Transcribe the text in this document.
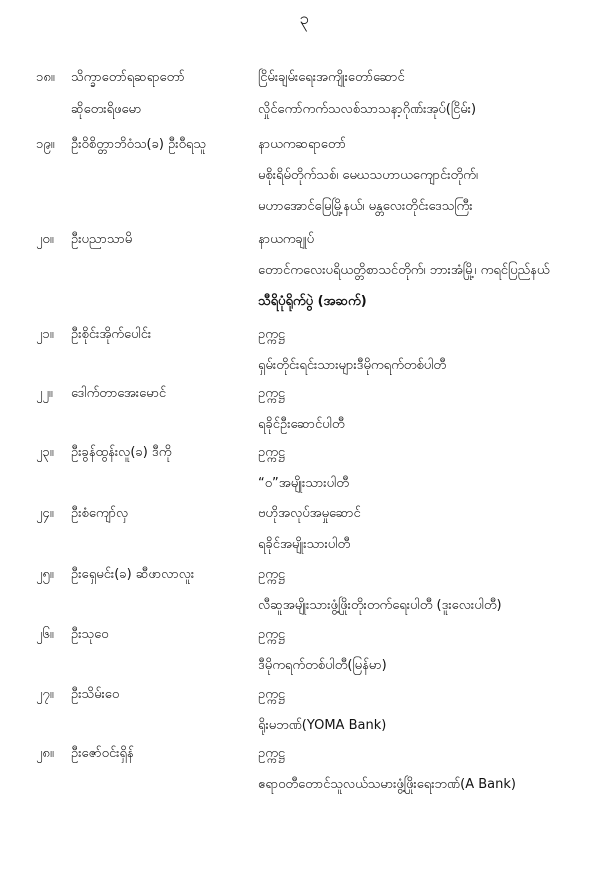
၃
၁၈။ သိက္ခာတော်ရဆရာတော်	ငြိမ်းချမ်းရေးအကျိုးတော်ဆောင်
ဆိုတေးရိဖမော	လှိုင်ကော်ကက်သလစ်သာသနာ့ဂိုဏ်းအုပ်(ငြိမ်း)
၁၉။ ဦးဝိစိတ္တာဘိဝံသ(ခ) ဦးဝီရသူ	နာယကဆရာတော်
မစိုးရိမ်တိုက်သစ်၊ မေဃသဟာယကျောင်းတိုက်၊
မဟာအောင်မြေမြို့နယ်၊ မန္တလေးတိုင်းဒေသကြီး
၂၀။ ဦးပညာသာမိ	နာယကချုပ်
တောင်ကလေးပရိယတ္တိစာသင်တိုက်၊ ဘားအံမြို့၊ ကရင်ပြည်နယ်
သီရိပုံရိုက်ပွဲ (အဆက်)
၂၁။ ဦးစိုင်းအိုက်ပေါင်း	ဥက္ကဋ္ဌ
ရှမ်းတိုင်းရင်းသားများဒီမိုကရက်တစ်ပါတီ
၂၂။ ဒေါက်တာအေးမောင်	ဥက္ကဋ္ဌ
ရခိုင်ဦးဆောင်ပါတီ
၂၃။ ဦးခွန်ထွန်းလူ(ခ) ဒီကို	ဥက္ကဋ္ဌ
“ဝ”အမျိုးသားပါတီ
၂၄။ ဦးစံကျော်လှ	ဗဟိုအလုပ်အမှုဆောင်
ရခိုင်အမျိုးသားပါတီ
၂၅။ ဦးရှေမင်း(ခ) ဆီဖာလာလူး	ဥက္ကဋ္ဌ
လီဆူအမျိုးသားဖွံ့ဖြိုးတိုးတက်ရေးပါတီ (ဒူးလေးပါတီ)
၂၆။ ဦးသုဝေ	ဥက္ကဋ္ဌ
ဒီမိုကရက်တစ်ပါတီ(မြန်မာ)
၂၇။ ဦးသိမ်းဝေ	ဥက္ကဋ္ဌ
ရိုးမဘဏ်(YOMA Bank)
၂၈။ ဦးဇော်ဝင်းရှိန်	ဥက္ကဋ္ဌ
ဧရာဝတီတောင်သူလယ်သမားဖွံ့ဖြိုးရေးဘဏ်(A Bank)
